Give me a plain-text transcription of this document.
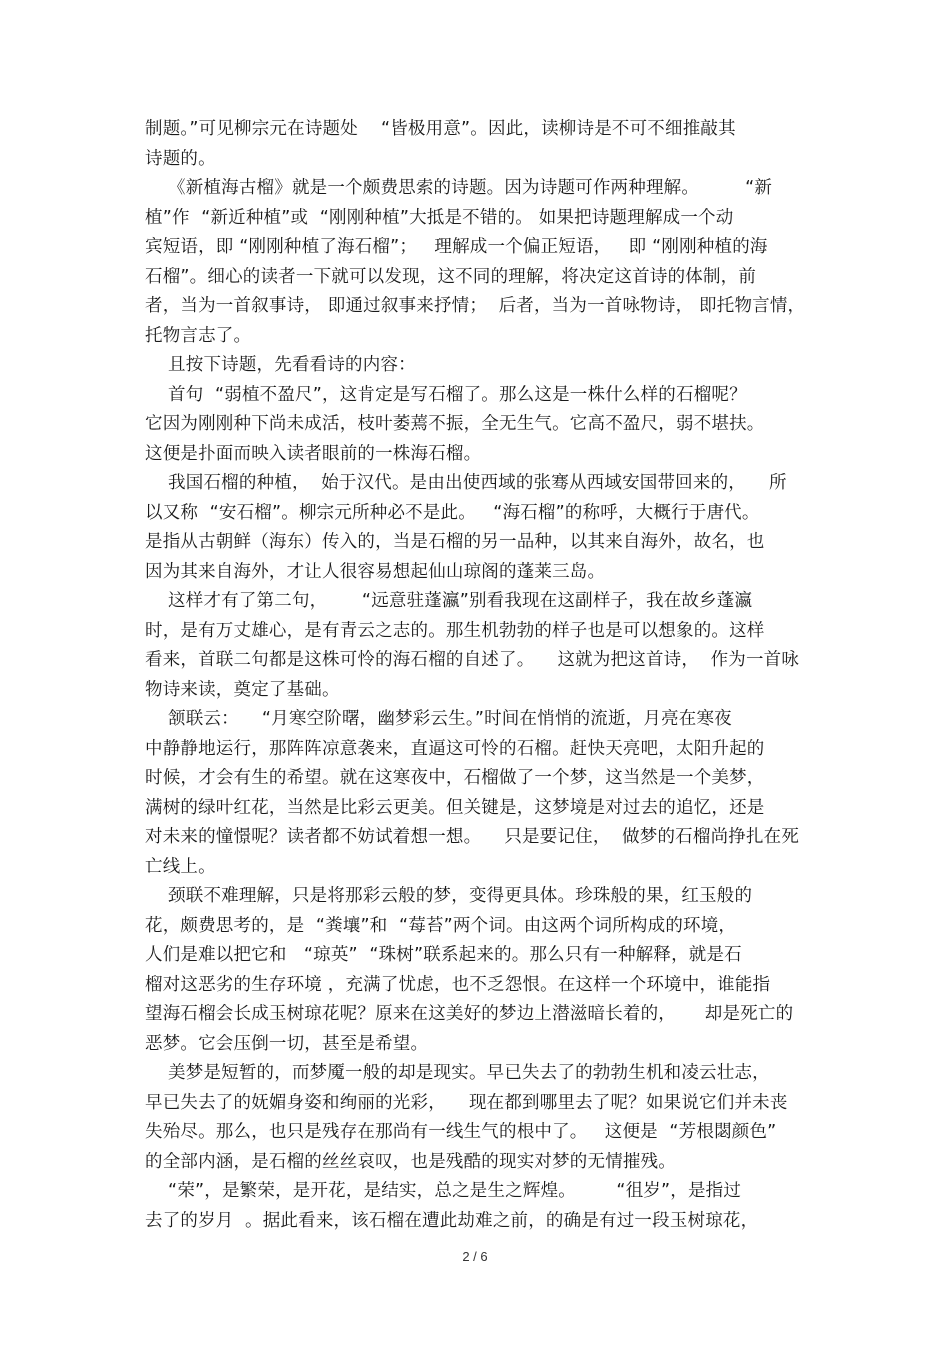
制题。”可见柳宗元在诗题处    “皆极用意”。因此，读柳诗是不可不细推敲其
诗题的。
《新植海古榴》就是一个颇费思索的诗题。因为诗题可作两种理解。        “新
植”作  “新近种植”或  “刚刚种植”大抵是不错的。 如果把诗题理解成一个动
宾短语，即 “刚刚种植了海石榴”；   理解成一个偏正短语，   即 “刚刚种植的海
石榴”。细心的读者一下就可以发现，这不同的理解，将决定这首诗的体制，前
者，当为一首叙事诗， 即通过叙事来抒情；  后者，当为一首咏物诗， 即托物言情，
托物言志了。
且按下诗题，先看看诗的内容：
首句  “弱植不盈尺”，这肯定是写石榴了。那么这是一株什么样的石榴呢？
它因为刚刚种下尚未成活，枝叶萎蔫不振，全无生气。它高不盈尺，弱不堪扶。
这便是扑面而映入读者眼前的一株海石榴。
我国石榴的种植，  始于汉代。是由出使西域的张骞从西域安国带回来的，    所
以又称  “安石榴”。柳宗元所种必不是此。   “海石榴”的称呼，大概行于唐代。
是指从古朝鲜（海东）传入的，当是石榴的另一品种，以其来自海外，故名，也
因为其来自海外，才让人很容易想起仙山琼阁的蓬莱三岛。
这样才有了第二句，      “远意驻蓬瀛”别看我现在这副样子，我在故乡蓬瀛
时，是有万丈雄心，是有青云之志的。那生机勃勃的样子也是可以想象的。这样
看来，首联二句都是这株可怜的海石榴的自述了。    这就为把这首诗，  作为一首咏
物诗来读，奠定了基础。
颔联云：    “月寒空阶曙，幽梦彩云生。”时间在悄悄的流逝，月亮在寒夜
中静静地运行，那阵阵凉意袭来，直逼这可怜的石榴。赶快天亮吧，太阳升起的
时候，才会有生的希望。就在这寒夜中，石榴做了一个梦，这当然是一个美梦，
满树的绿叶红花，当然是比彩云更美。但关键是，这梦境是对过去的追忆，还是
对未来的憧憬呢？读者都不妨试着想一想。    只是要记住，  做梦的石榴尚挣扎在死
亡线上。
颈联不难理解，只是将那彩云般的梦，变得更具体。珍珠般的果，红玉般的
花，颇费思考的，是  “粪壤”和  “莓苔”两个词。由这两个词所构成的环境，
人们是难以把它和   “琼英”  “珠树”联系起来的。那么只有一种解释，就是石
榴对这恶劣的生存环境 ，充满了忧虑，也不乏怨恨。在这样一个环境中，谁能指
望海石榴会长成玉树琼花呢？原来在这美好的梦边上潜滋暗长着的，     却是死亡的
恶梦。它会压倒一切，甚至是希望。
美梦是短暂的，而梦魇一般的却是现实。早已失去了的勃勃生机和凌云壮志，
早已失去了的妩媚身姿和绚丽的光彩，    现在都到哪里去了呢？如果说它们并未丧
失殆尽。那么，也只是残存在那尚有一线生气的根中了。   这便是  “芳根閟颜色”
的全部内涵，是石榴的丝丝哀叹，也是残酷的现实对梦的无情摧残。
“荣”，是繁荣，是开花，是结实，总之是生之辉煌。       “徂岁”，是指过
去了的岁月  。据此看来，该石榴在遭此劫难之前，的确是有过一段玉树琼花，
2 / 6
